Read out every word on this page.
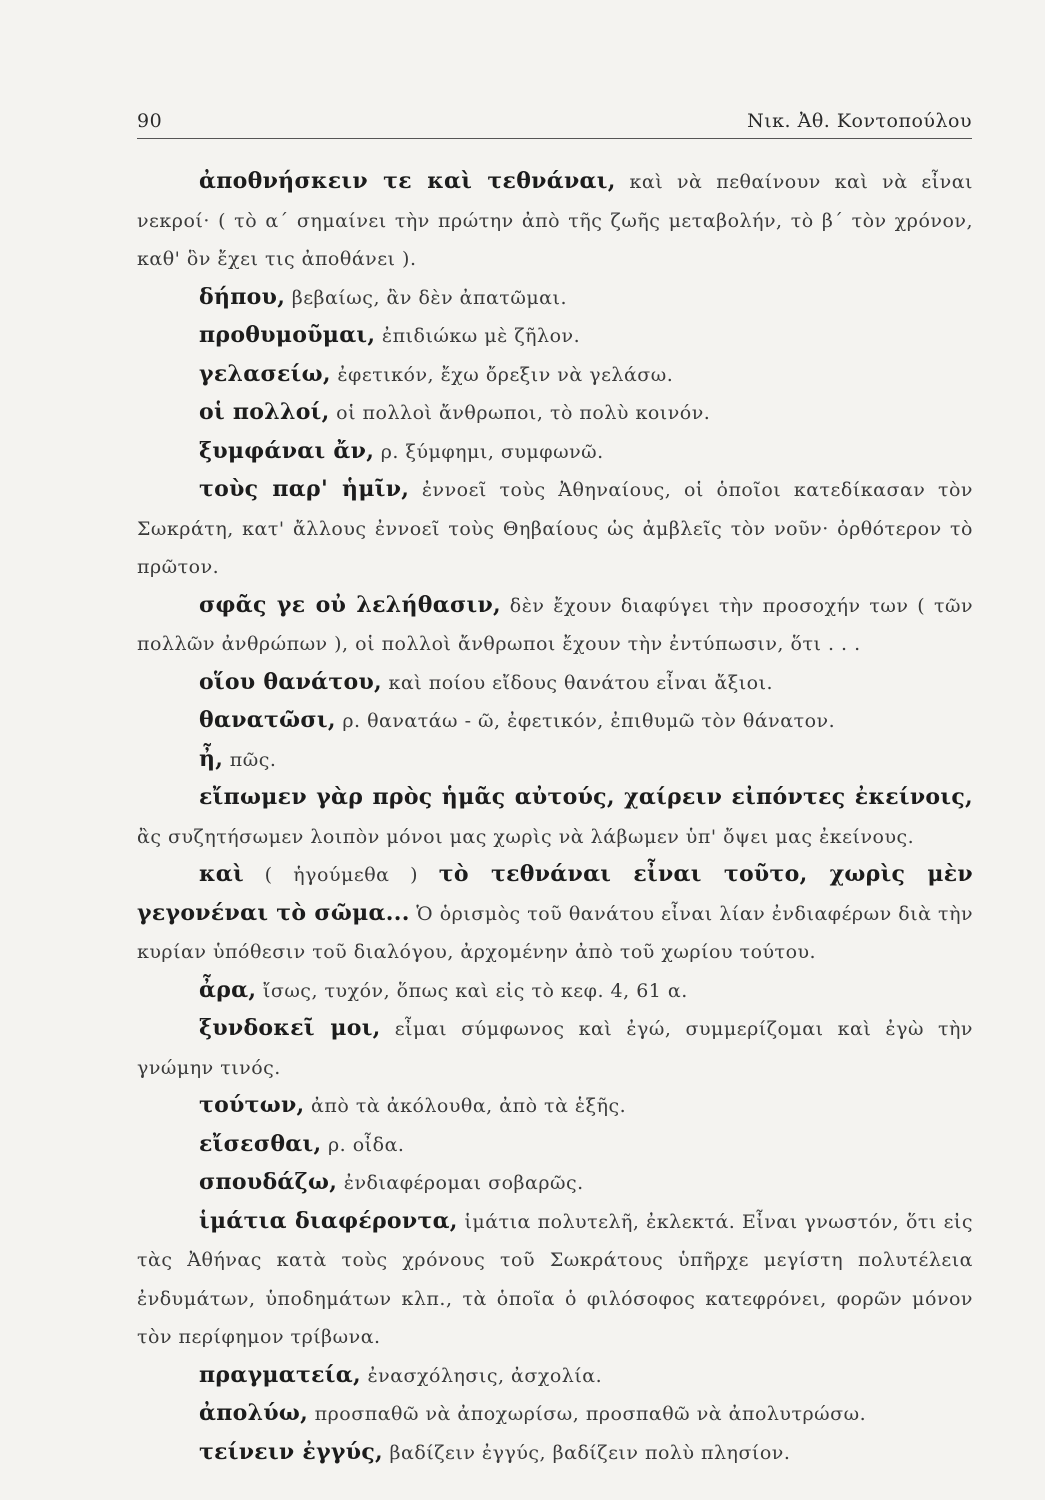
90	Νικ. Ἀθ. Κοντοπούλου

ἀποθνήσκειν τε καὶ τεθνάναι, καὶ νὰ πεθαίνουν καὶ νὰ εἶναι νεκροί· ( τὸ α΄ σημαίνει τὴν πρώτην ἀπὸ τῆς ζωῆς μεταβολήν, τὸ β΄ τὸν χρόνον, καθ' ὃν ἔχει τις ἀποθάνει ).

δήπου, βεβαίως, ἂν δὲν ἀπατῶμαι.

προθυμοῦμαι, ἐπιδιώκω μὲ ζῆλον.

γελασείω, ἐφετικόν, ἔχω ὄρεξιν νὰ γελάσω.

οἱ πολλοί, οἱ πολλοὶ ἄνθρωποι, τὸ πολὺ κοινόν.

ξυμφάναι ἄν, ρ. ξύμφημι, συμφωνῶ.

τοὺς παρ' ἡμῖν, ἐννοεῖ τοὺς Ἀθηναίους, οἱ ὁποῖοι κατεδίκασαν τὸν Σωκράτη, κατ' ἄλλους ἐννοεῖ τοὺς Θηβαίους ὡς ἀμβλεῖς τὸν νοῦν· ὀρθότερον τὸ πρῶτον.

σφᾶς γε οὐ λελήθασιν, δὲν ἔχουν διαφύγει τὴν προσοχήν των ( τῶν πολλῶν ἀνθρώπων ), οἱ πολλοὶ ἄνθρωποι ἔχουν τὴν ἐντύπωσιν, ὅτι . . .

οἵου θανάτου, καὶ ποίου εἴδους θανάτου εἶναι ἄξιοι.

θανατῶσι, ρ. θανατάω - ῶ, ἐφετικόν, ἐπιθυμῶ τὸν θάνατον.

ἦ, πῶς.

εἴπωμεν γὰρ πρὸς ἡμᾶς αὐτούς, χαίρειν εἰπόντες ἐκείνοις, ἂς συζητήσωμεν λοιπὸν μόνοι μας χωρὶς νὰ λάβωμεν ὑπ' ὄψει μας ἐκείνους.

καὶ ( ἡγούμεθα ) τὸ τεθνάναι εἶναι τοῦτο, χωρὶς μὲν γεγονέναι τὸ σῶμα... Ὁ ὁρισμὸς τοῦ θανάτου εἶναι λίαν ἐνδιαφέρων διὰ τὴν κυρίαν ὑπόθεσιν τοῦ διαλόγου, ἀρχομένην ἀπὸ τοῦ χωρίου τούτου.

ἆρα, ἴσως, τυχόν, ὅπως καὶ εἰς τὸ κεφ. 4, 61 α.

ξυνδοκεῖ μοι, εἶμαι σύμφωνος καὶ ἐγώ, συμμερίζομαι καὶ ἐγὼ τὴν γνώμην τινός.

τούτων, ἀπὸ τὰ ἀκόλουθα, ἀπὸ τὰ ἑξῆς.

εἴσεσθαι, ρ. οἶδα.

σπουδάζω, ἐνδιαφέρομαι σοβαρῶς.

ἱμάτια διαφέροντα, ἱμάτια πολυτελῆ, ἐκλεκτά. Εἶναι γνωστόν, ὅτι εἰς τὰς Ἀθήνας κατὰ τοὺς χρόνους τοῦ Σωκράτους ὑπῆρχε μεγίστη πολυτέλεια ἐνδυμάτων, ὑποδημάτων κλπ., τὰ ὁποῖα ὁ φιλόσοφος κατεφρόνει, φορῶν μόνον τὸν περίφημον τρίβωνα.

πραγματεία, ἐνασχόλησις, ἀσχολία.

ἀπολύω, προσπαθῶ νὰ ἀποχωρίσω, προσπαθῶ νὰ ἀπολυτρώσω.

τείνειν ἐγγύς, βαδίζειν ἐγγύς, βαδίζειν πολὺ πλησίον.
